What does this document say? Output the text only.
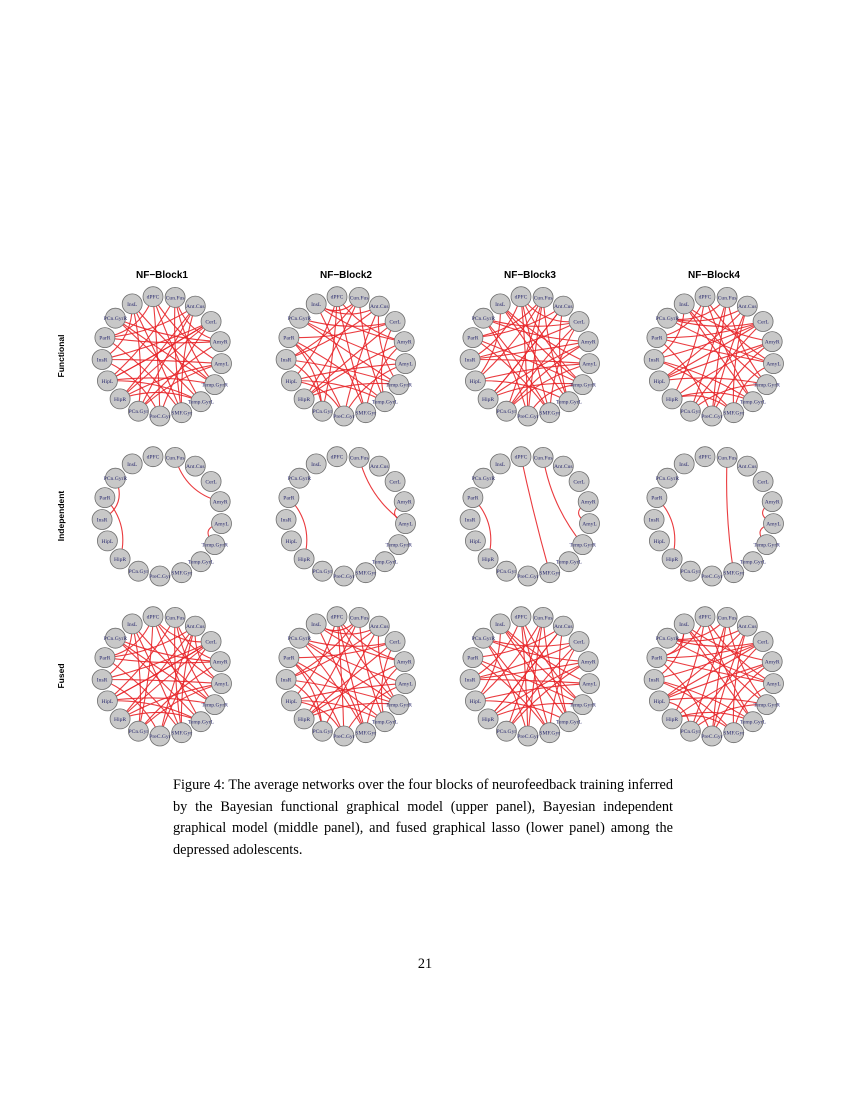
NF−Block1	NF−Block2	NF−Block3	NF−Block4
Functional
Independent
Fused
dPFC Cun.Fus
Ant.Cus
CerL
AmyR
AmyL
Temp.GyrR
Temp.GyrL
SMF.Gyr
PreC.Gyr
PCn.Gyr
HipR
HipL
InsR
ParR
PCn.GyrR
InsL
dPFC Cun.Fus
Ant.Cus
CerL
AmyR
AmyL
Temp.GyrR
Temp.GyrL
SMF.Gyr
PreC.Gyr
PCn.Gyr
HipR
HipL
InsR
ParR
PCn.GyrR
InsL
dPFC Cun.Fus
Ant.Cus
CerL
AmyR
AmyL
Temp.GyrR
Temp.GyrL
SMF.Gyr
PreC.Gyr
PCn.Gyr
HipR
HipL
InsR
ParR
PCn.GyrR
InsL
dPFC Cun.Fus
Ant.Cus
CerL
AmyR
AmyL
Temp.GyrR
Temp.GyrL
SMF.Gyr
PreC.Gyr
PCn.Gyr
HipR
HipL
InsR
ParR
PCn.GyrR
InsL
dPFC Cun.Fus
Ant.Cus
CerL
AmyR
AmyL
Temp.GyrR
Temp.GyrL
SMF.Gyr
PreC.Gyr
PCn.Gyr
HipR
HipL
InsR
ParR
PCn.GyrR
InsL
dPFC Cun.Fus
Ant.Cus
CerL
AmyR
AmyL
Temp.GyrR
Temp.GyrL
SMF.Gyr
PreC.Gyr
PCn.Gyr
HipR
HipL
InsR
ParR
PCn.GyrR
InsL
dPFC Cun.Fus
Ant.Cus
CerL
AmyR
AmyL
Temp.GyrR
Temp.GyrL
SMF.Gyr
PreC.Gyr
PCn.Gyr
HipR
HipL
InsR
ParR
PCn.GyrR
InsL
dPFC Cun.Fus
Ant.Cus
CerL
AmyR
AmyL
Temp.GyrR
Temp.GyrL
SMF.Gyr
PreC.Gyr
PCn.Gyr
HipR
HipL
InsR
ParR
PCn.GyrR
InsL
dPFC Cun.Fus
Ant.Cus
CerL
AmyR
AmyL
Temp.GyrR
Temp.GyrL
SMF.Gyr
PreC.Gyr
PCn.Gyr
HipR
HipL
InsR
ParR
PCn.GyrR
InsL
dPFC Cun.Fus
Ant.Cus
CerL
AmyR
AmyL
Temp.GyrR
Temp.GyrL
SMF.Gyr
PreC.Gyr
PCn.Gyr
HipR
HipL
InsR
ParR
PCn.GyrR
InsL
dPFC Cun.Fus
Ant.Cus
CerL
AmyR
AmyL
Temp.GyrR
Temp.GyrL
SMF.Gyr
PreC.Gyr
PCn.Gyr
HipR
HipL
InsR
ParR
PCn.GyrR
InsL
dPFC Cun.Fus
Ant.Cus
CerL
AmyR
AmyL
Temp.GyrR
Temp.GyrL
SMF.Gyr
PreC.Gyr
PCn.Gyr
HipR
HipL
InsR
ParR
PCn.GyrR
InsL
Figure 4: The average networks over the four blocks of neurofeedback training inferred by the Bayesian functional graphical model (upper panel), Bayesian independent graphical model (middle panel), and fused graphical lasso (lower panel) among the depressed adolescents.
21
